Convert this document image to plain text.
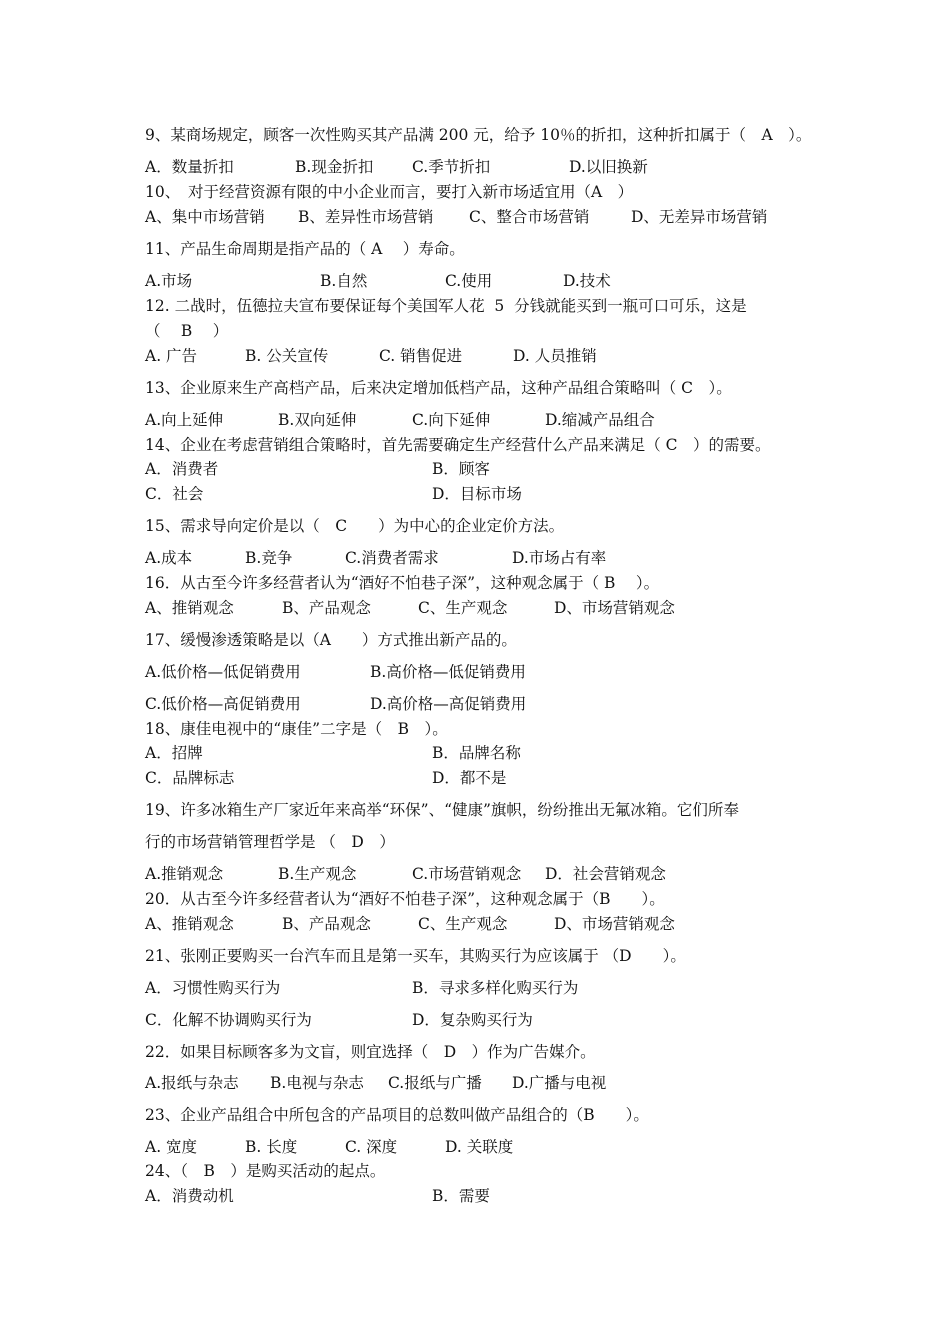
9、某商场规定，顾客一次性购买其产品满 200 元，给予 10％的折扣，这种折扣属于（　A　）。
A．数量折扣	B.现金折扣 C.季节折扣	D.以旧换新
10、　对于经营资源有限的中小企业而言，要打入新市场适宜用（A　）
A、集中市场营销 B、差异性市场营销 C、整合市场营销	D、无差异市场营销
11、产品生命周期是指产品的（ A　 ）寿命。
A.市场	B.自然	C.使用	D.技术
12. 二战时，伍德拉夫宣布要保证每个美国军人花  5  分钱就能买到一瓶可口可乐，这是
（　 B　 ）
A. 广告	B. 公关宣传	C. 销售促进	D. 人员推销
13、企业原来生产高档产品，后来决定增加低档产品，这种产品组合策略叫（ C　）。
A.向上延伸	B.双向延伸	C.向下延伸	D.缩减产品组合
14、企业在考虑营销组合策略时，首先需要确定生产经营什么产品来满足（ C　）的需要。
A．消费者	B．顾客
C．社会	D．目标市场
15、需求导向定价是以（　C　　）为中心的企业定价方法。
A.成本	B.竞争	C.消费者需求	D.市场占有率
16．从古至今许多经营者认为“酒好不怕巷子深”，这种观念属于（ B　 ）。
A、推销观念	B、产品观念	C、生产观念	D、市场营销观念
17、缓慢渗透策略是以（A　　）方式推出新产品的。
A.低价格—低促销费用	B.高价格—低促销费用
C.低价格—高促销费用	D.高价格—高促销费用
18、康佳电视中的“康佳”二字是（　B　）。
A．招牌	B．品牌名称
C．品牌标志	D．都不是
19、许多冰箱生产厂家近年来高举“环保”、“健康”旗帜，纷纷推出无氟冰箱。它们所奉
行的市场营销管理哲学是 （　D　）
A.推销观念	B.生产观念	C.市场营销观念 D．社会营销观念
20．从古至今许多经营者认为“酒好不怕巷子深”，这种观念属于（B　　）。
A、推销观念	B、产品观念	C、生产观念	D、市场营销观念
21、张刚正要购买一台汽车而且是第一买车，其购买行为应该属于 （D　　）。
A．习惯性购买行为	B．寻求多样化购买行为
C．化解不协调购买行为	D．复杂购买行为
22．如果目标顾客多为文盲，则宜选择（　D　）作为广告媒介。
A.报纸与杂志 B.电视与杂志 C.报纸与广播 D.广播与电视
23、企业产品组合中所包含的产品项目的总数叫做产品组合的（B　　）。
A. 宽度	B. 长度	C. 深度	D. 关联度
24、（　B　）是购买活动的起点。
A．消费动机	B．需要
